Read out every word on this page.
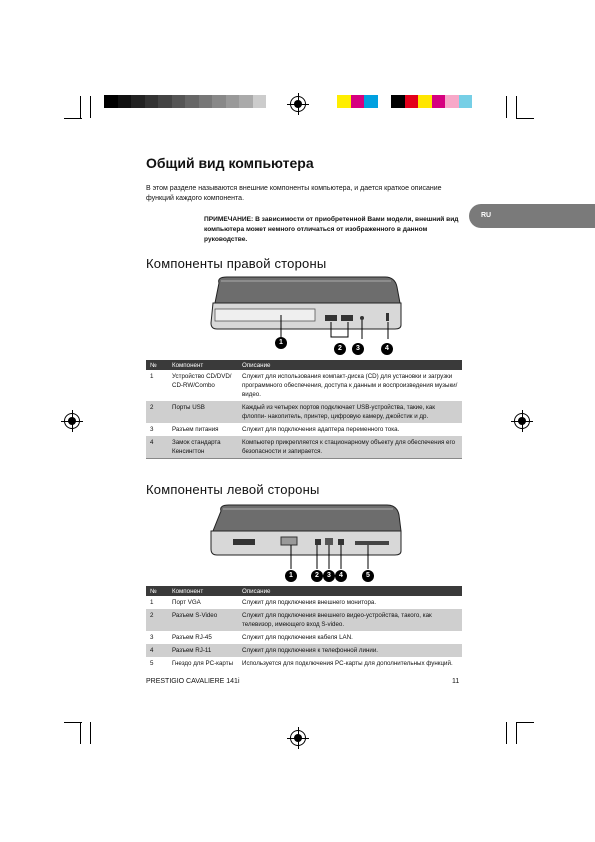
Общий вид компьютера
В этом разделе называются внешние компоненты компьютера, и дается краткое описание функций каждого компонента.
ПРИМЕЧАНИЕ: В зависимости от приобретенной Вами модели, внешний вид компьютера может немного отличаться от изображенного в данном руководстве.
RU
Компоненты правой стороны
1
2	3	4
№	Компонент	Описание
1	Устройство CD/DVD/ CD-RW/Combo	Служит для использования компакт-диска (CD) для установки и загрузки программного обеспечения, доступа к данным и воспроизведения музыки/видео.
2	Порты USB	Каждый из четырех портов подключает USB-устройства, такие, как флоппи- накопитель, принтер, цифровую камеру, джойстик и др.
3	Разъем питания	Служит для подключения адаптера переменного тока.
4	Замок стандарта Кенсингтон	Компьютер прикрепляется к стационарному объекту для обеспечения его безопасности и запирается.
Компоненты левой стороны
1	2	3	4	5
№	Компонент	Описание
1	Порт VGA	Служит для подключения внешнего монитора.
2	Разъем S-Video	Служит для подключения внешнего видео-устройства, такого, как телевизор, имеющего вход S-video.
3	Разъем RJ-45	Служит для подключения кабеля LAN.
4	Разъем RJ-11	Служит для подключения к телефонной линии.
5	Гнездо для PC-карты	Используется для подключения PC-карты для дополнительных функций.
PRESTIGIO CAVALIERE 141i	11
